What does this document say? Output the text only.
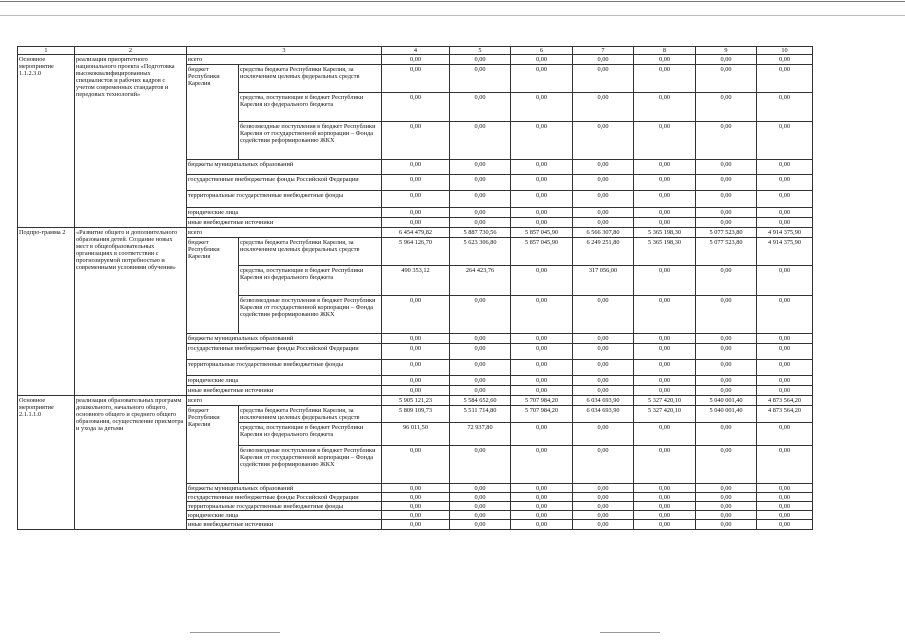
1	2	3		4	5	6	7	8	9	10
Основное мероприятие 1.1.2.3.0	реализация приоритетного национального проекта «Подготовка высококвалифицированных специалистов и рабочих кадров с учетом современных стандартов и передовых технологий»	всего		0,00	0,00	0,00	0,00	0,00	0,00	0,00
		бюджет Республики Карелия	средства бюджета Республики Карелия, за исключением целевых федеральных средств	0,00	0,00	0,00	0,00	0,00	0,00	0,00
			средства, поступающие в бюджет Республики Карелия из федерального бюджета	0,00	0,00	0,00	0,00	0,00	0,00	0,00
			безвозмездные поступления в бюджет Республики Карелия от государственной корпорации – Фонда содействия реформированию ЖКХ	0,00	0,00	0,00	0,00	0,00	0,00	0,00
		бюджеты муниципальных образований		0,00	0,00	0,00	0,00	0,00	0,00	0,00
		государственные внебюджетные фонды Российской Федерации		0,00	0,00	0,00	0,00	0,00	0,00	0,00
		территориальные государственные внебюджетные фонды		0,00	0,00	0,00	0,00	0,00	0,00	0,00
		юридические лица		0,00	0,00	0,00	0,00	0,00	0,00	0,00
		иные внебюджетные источники		0,00	0,00	0,00	0,00	0,00	0,00	0,00
Подпро-грамма 2	«Развитие общего и дополнительного образования детей. Создание новых мест в общеобразовательных организациях в соответствии с прогнозируемой потребностью и современными условиями обучения»	всего		6 454 479,82	5 887 730,56	5 857 045,90	6 566 307,80	5 365 198,30	5 077 523,80	4 914 375,90
		бюджет Республики Карелия	средства бюджета Республики Карелия, за исключением целевых федеральных средств	5 964 126,70	5 623 306,80	5 857 045,90	6 249 251,80	5 365 198,30	5 077 523,80	4 914 375,90
			средства, поступающие в бюджет Республики Карелия из федерального бюджета	490 353,12	264 423,76	0,00	317 056,00	0,00	0,00	0,00
			безвозмездные поступления в бюджет Республики Карелия от государственной корпорации – Фонда содействия реформированию ЖКХ	0,00	0,00	0,00	0,00	0,00	0,00	0,00
		бюджеты муниципальных образований		0,00	0,00	0,00	0,00	0,00	0,00	0,00
		государственные внебюджетные фонды Российской Федерации		0,00	0,00	0,00	0,00	0,00	0,00	0,00
		территориальные государственные внебюджетные фонды		0,00	0,00	0,00	0,00	0,00	0,00	0,00
		юридические лица		0,00	0,00	0,00	0,00	0,00	0,00	0,00
		иные внебюджетные источники		0,00	0,00	0,00	0,00	0,00	0,00	0,00
Основное мероприятие 2.1.1.1.0	реализация образовательных программ дошкольного, начального общего, основного общего и среднего общего образования, осуществление присмотра и ухода за детьми	всего		5 905 121,23	5 584 652,60	5 707 984,20	6 034 693,90	5 327 420,10	5 040 001,40	4 873 564,20
		бюджет Республики Карелия	средства бюджета Республики Карелия, за исключением целевых федеральных средств	5 809 109,73	5 511 714,80	5 707 984,20	6 034 693,90	5 327 420,10	5 040 001,40	4 873 564,20
			средства, поступающие в бюджет Республики Карелия из федерального бюджета	96 011,50	72 937,80	0,00	0,00	0,00	0,00	0,00
			безвозмездные поступления в бюджет Республики Карелия от государственной корпорации – Фонда содействия реформированию ЖКХ	0,00	0,00	0,00	0,00	0,00	0,00	0,00
		бюджеты муниципальных образований		0,00	0,00	0,00	0,00	0,00	0,00	0,00
		государственные внебюджетные фонды Российской Федерации		0,00	0,00	0,00	0,00	0,00	0,00	0,00
		территориальные государственные внебюджетные фонды		0,00	0,00	0,00	0,00	0,00	0,00	0,00
		юридические лица		0,00	0,00	0,00	0,00	0,00	0,00	0,00
		иные внебюджетные источники		0,00	0,00	0,00	0,00	0,00	0,00	0,00
